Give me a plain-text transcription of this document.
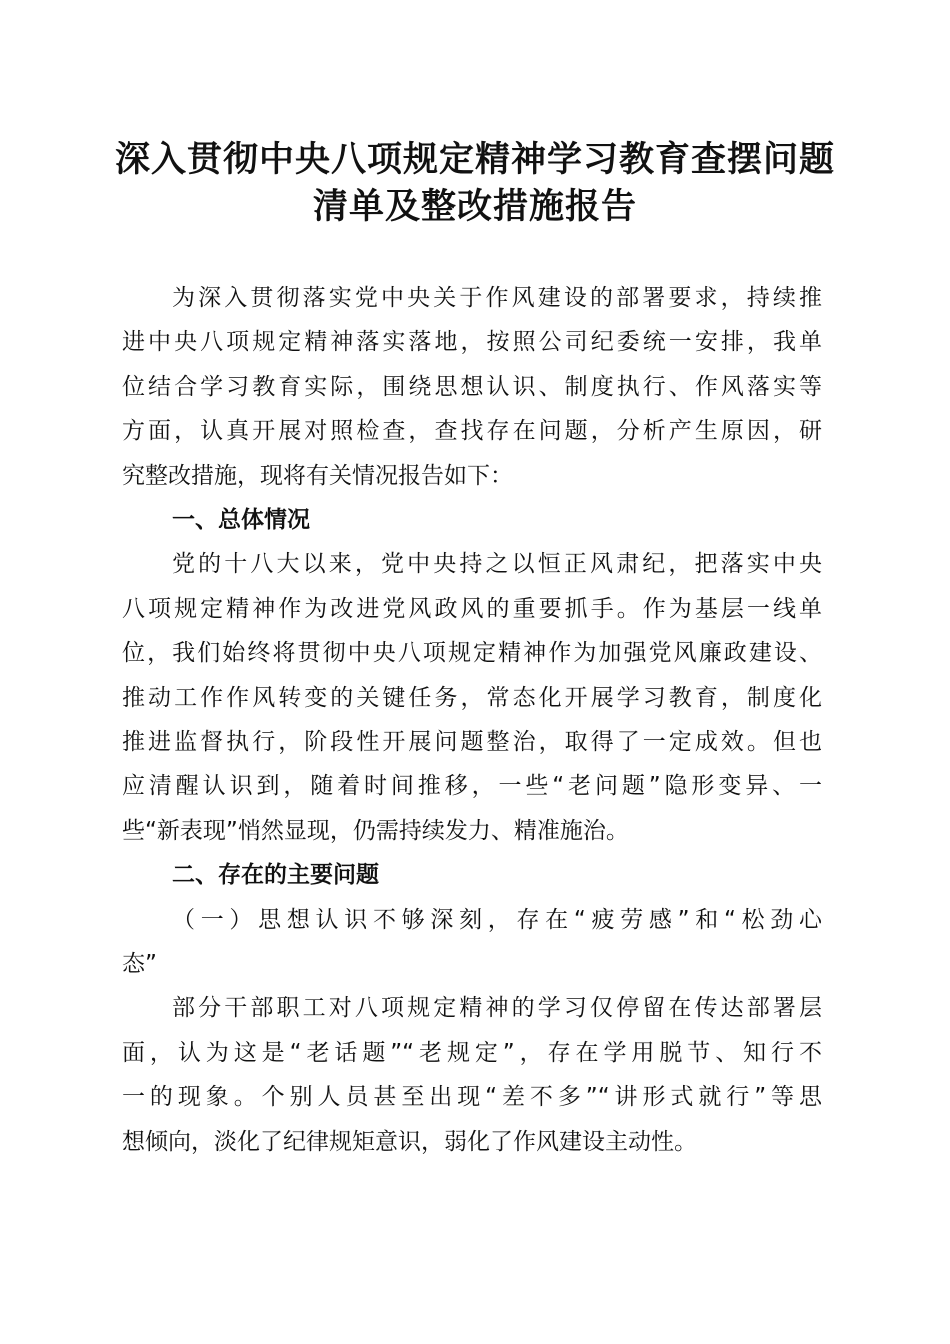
深入贯彻中央八项规定精神学习教育查摆问题
清单及整改措施报告
为深入贯彻落实党中央关于作风建设的部署要求，持续推
进中央八项规定精神落实落地，按照公司纪委统一安排，我单
位结合学习教育实际，围绕思想认识、制度执行、作风落实等
方面，认真开展对照检查，查找存在问题，分析产生原因，研
究整改措施，现将有关情况报告如下：
一、总体情况
党的十八大以来，党中央持之以恒正风肃纪，把落实中央
八项规定精神作为改进党风政风的重要抓手。作为基层一线单
位，我们始终将贯彻中央八项规定精神作为加强党风廉政建设、
推动工作作风转变的关键任务，常态化开展学习教育，制度化
推进监督执行，阶段性开展问题整治，取得了一定成效。但也
应清醒认识到，随着时间推移，一些“老问题”隐形变异、一
些“新表现”悄然显现，仍需持续发力、精准施治。
二、存在的主要问题
（一）思想认识不够深刻，存在“疲劳感”和“松劲心
态”
部分干部职工对八项规定精神的学习仅停留在传达部署层
面，认为这是“老话题”“老规定”，存在学用脱节、知行不
一的现象。个别人员甚至出现“差不多”“讲形式就行”等思
想倾向，淡化了纪律规矩意识，弱化了作风建设主动性。
